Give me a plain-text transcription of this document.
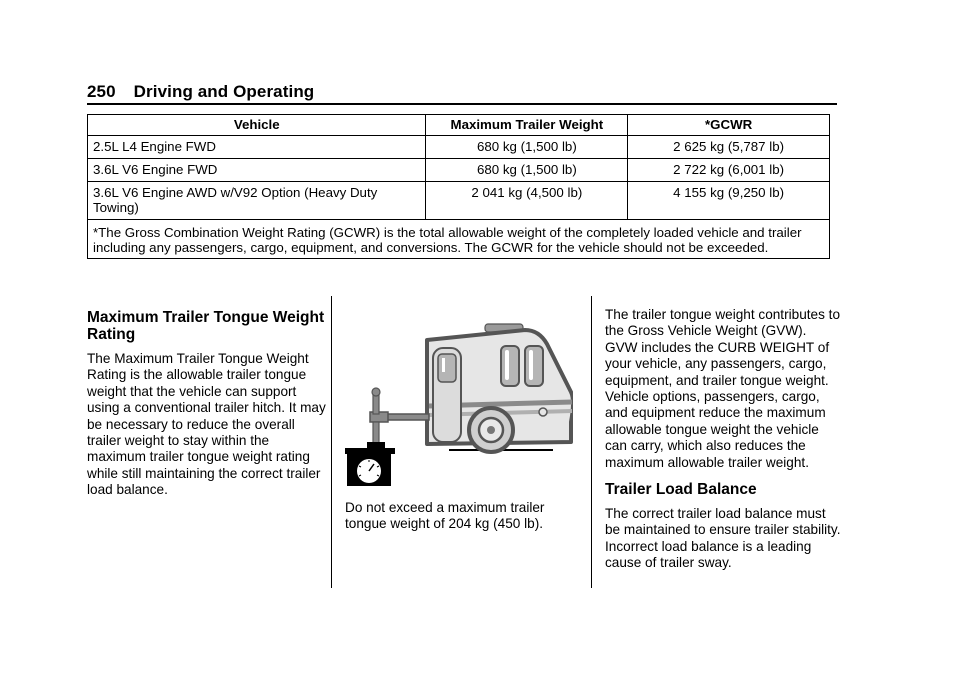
250 Driving and Operating
Vehicle	Maximum Trailer Weight	*GCWR
2.5L L4 Engine FWD	680 kg (1,500 lb)	2 625 kg (5,787 lb)
3.6L V6 Engine FWD	680 kg (1,500 lb)	2 722 kg (6,001 lb)
3.6L V6 Engine AWD w/V92 Option (Heavy Duty Towing)	2 041 kg (4,500 lb)	4 155 kg (9,250 lb)
*The Gross Combination Weight Rating (GCWR) is the total allowable weight of the completely loaded vehicle and trailer including any passengers, cargo, equipment, and conversions. The GCWR for the vehicle should not be exceeded.		
Maximum Trailer Tongue Weight Rating

The Maximum Trailer Tongue Weight Rating is the allowable trailer tongue weight that the vehicle can support using a conventional trailer hitch. It may be necessary to reduce the overall trailer weight to stay within the maximum trailer tongue weight rating while still maintaining the correct trailer load balance.

Do not exceed a maximum trailer tongue weight of 204 kg (450 lb).

The trailer tongue weight contributes to the Gross Vehicle Weight (GVW). GVW includes the CURB WEIGHT of your vehicle, any passengers, cargo, equipment, and trailer tongue weight. Vehicle options, passengers, cargo, and equipment reduce the maximum allowable tongue weight the vehicle can carry, which also reduces the maximum allowable trailer weight.

Trailer Load Balance

The correct trailer load balance must be maintained to ensure trailer stability. Incorrect load balance is a leading cause of trailer sway.
